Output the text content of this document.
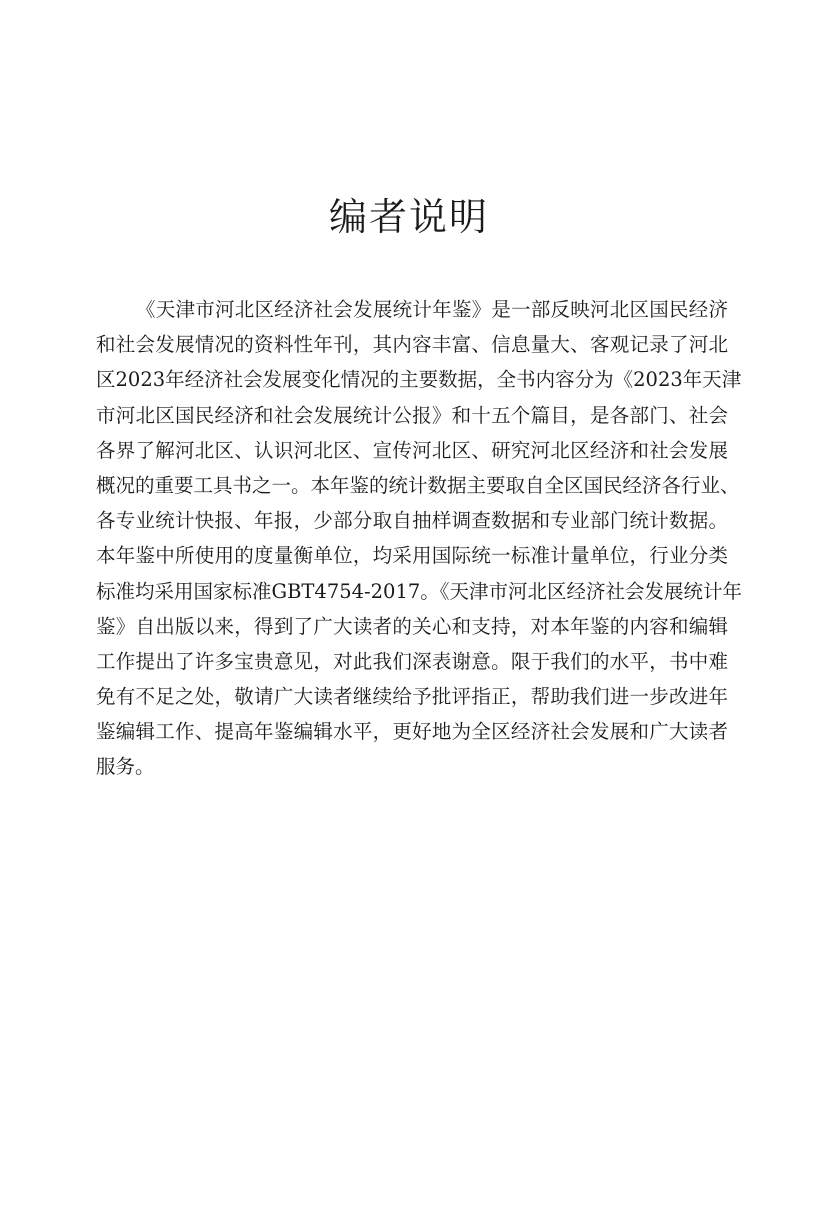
编者说明
《天津市河北区经济社会发展统计年鉴》是一部反映河北区国民经济
和社会发展情况的资料性年刊，其内容丰富、信息量大、客观记录了河北
区2023年经济社会发展变化情况的主要数据，全书内容分为《2023年天津
市河北区国民经济和社会发展统计公报》和十五个篇目，是各部门、社会
各界了解河北区、认识河北区、宣传河北区、研究河北区经济和社会发展
概况的重要工具书之一。本年鉴的统计数据主要取自全区国民经济各行业、
各专业统计快报、年报，少部分取自抽样调查数据和专业部门统计数据。
本年鉴中所使用的度量衡单位，均采用国际统一标准计量单位，行业分类
标准均采用国家标准GBT4754-2017。《天津市河北区经济社会发展统计年
鉴》自出版以来，得到了广大读者的关心和支持，对本年鉴的内容和编辑
工作提出了许多宝贵意见，对此我们深表谢意。限于我们的水平，书中难
免有不足之处，敬请广大读者继续给予批评指正，帮助我们进一步改进年
鉴编辑工作、提高年鉴编辑水平，更好地为全区经济社会发展和广大读者
服务。
